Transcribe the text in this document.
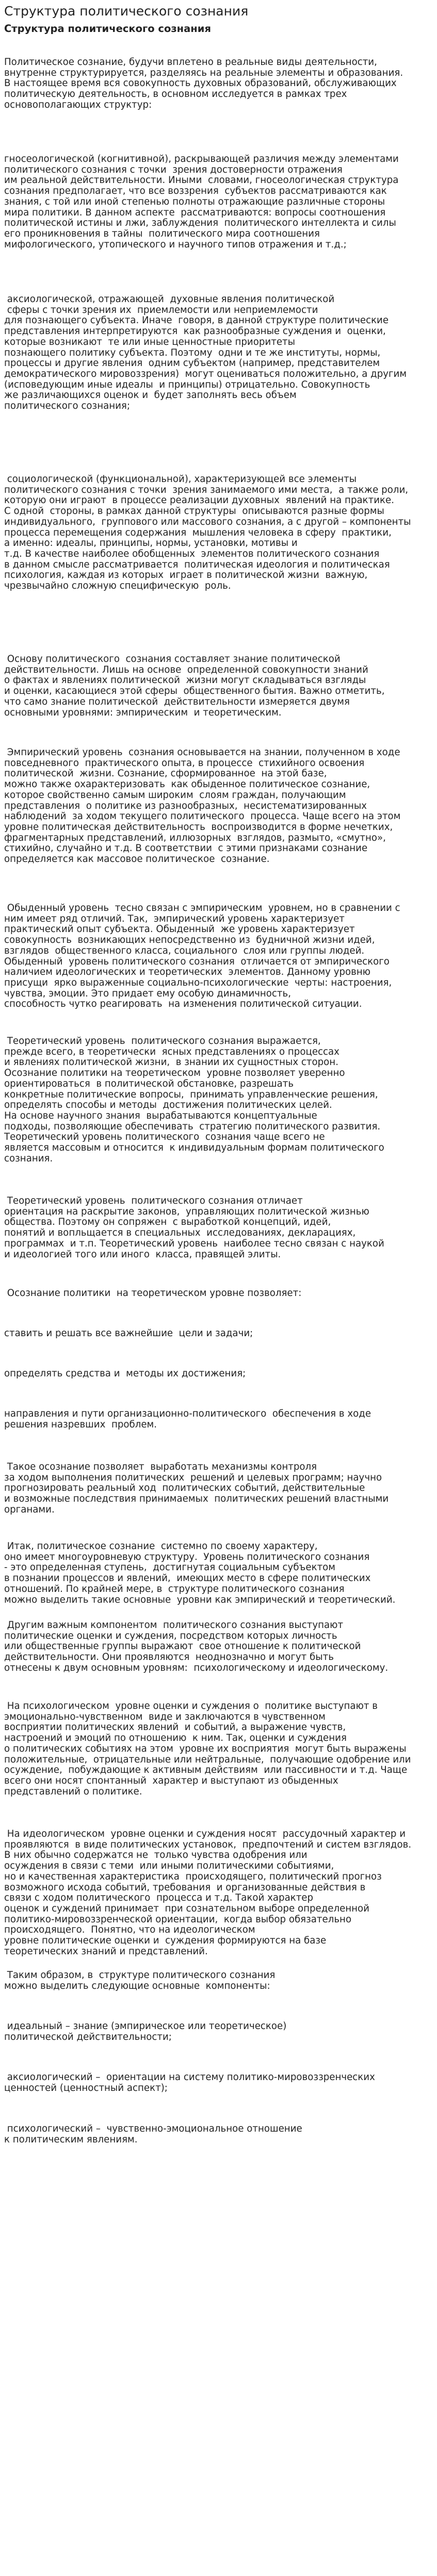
Структура политического сознания
Структура политического сознания

Политическое сознание, будучи вплетено в реальные виды деятельности,
внутренне структурируется, разделяясь на реальные элементы и образования.
В настоящее время вся совокупность духовных образований, обслуживающих
политическую деятельность, в основном исследуется в рамках трех
основополагающих структур:

гносеологической (когнитивной), раскрывающей различия между элементами
политического сознания с точки  зрения достоверности отражения
им реальной действительности. Иными  словами, гносеологическая структура
сознания предполагает, что все воззрения  субъектов рассматриваются как
знания, с той или иной степенью полноты отражающие различные стороны
мира политики. В данном аспекте  рассматриваются: вопросы соотношения
политической истины и лжи, заблуждения  политического интеллекта и силы
его проникновения в тайны  политического мира соотношения
мифологического, утопического и научного типов отражения и т.д.;

аксиологической, отражающей  духовные явления политической
сферы с точки зрения их  приемлемости или неприемлемости
для познающего субъекта. Иначе  говоря, в данной структуре политические
представления интерпретируются  как разнообразные суждения и  оценки,
которые возникают  те или иные ценностные приоритеты
познающего политику субъекта. Поэтому  одни и те же институты, нормы,
процессы и другие явления  одним субъектом (например, представителем
демократического мировоззрения)  могут оцениваться положительно, а другим
(исповедующим иные идеалы  и принципы) отрицательно. Совокупность
же различающихся оценок и  будет заполнять весь объем
политического сознания;

социологической (функциональной), характеризующей все элементы
политического сознания с точки  зрения занимаемого ими места,  а также роли,
которую они играют  в процессе реализации духовных  явлений на практике.
С одной  стороны, в рамках данной структуры  описываются разные формы
индивидуального,  группового или массового сознания, а с другой – компоненты
процесса перемещения содержания  мышления человека в сферу  практики,
а именно: идеалы, принципы, нормы, установки, мотивы и
т.д. В качестве наиболее обобщенных  элементов политического сознания
в данном смысле рассматривается  политическая идеология и политическая
психология, каждая из которых  играет в политической жизни  важную,
чрезвычайно сложную специфическую  роль.

Основу политического  сознания составляет знание политической
действительности. Лишь на основе  определенной совокупности знаний
о фактах и явлениях политической  жизни могут складываться взгляды
и оценки, касающиеся этой сферы  общественного бытия. Важно отметить,
что само знание политической  действительности измеряется двумя
основными уровнями: эмпирическим  и теоретическим.

Эмпирический уровень  сознания основывается на знании, полученном в ходе
повседневного  практического опыта, в процессе  стихийного освоения
политической  жизни. Сознание, сформированное  на этой базе,
можно также охарактеризовать  как обыденное политическое сознание,
которое свойственно самым широким  слоям граждан, получающим
представления  о политике из разнообразных,  несистематизированных
наблюдений  за ходом текущего политического  процесса. Чаще всего на этом
уровне политическая действительность  воспроизводится в форме нечетких,
фрагментарных представлений, иллюзорных  взглядов, размыто, «смутно»,
стихийно, случайно и т.д. В соответствии  с этими признаками сознание
определяется как массовое политическое  сознание.

Обыденный уровень  тесно связан с эмпирическим  уровнем, но в сравнении с
ним имеет ряд отличий. Так,  эмпирический уровень характеризует
практический опыт субъекта. Обыденный  же уровень характеризует
совокупность  возникающих непосредственно из  будничной жизни идей,
взглядов  общественного класса, социального  слоя или группы людей.
Обыденный  уровень политического сознания  отличается от эмпирического
наличием идеологических и теоретических  элементов. Данному уровню
присущи  ярко выраженные социально-психологические  черты: настроения,
чувства, эмоции. Это придает ему особую динамичность,
способность чутко реагировать  на изменения политической ситуации.

Теоретический уровень  политического сознания выражается,
прежде всего, в теоретически  ясных представлениях о процессах
и явлениях политической жизни,  в знании их сущностных сторон.
Осознание политики на теоретическом  уровне позволяет уверенно
ориентироваться  в политической обстановке, разрешать
конкретные политические вопросы,  принимать управленческие решения,
определять способы и методы  достижения политических целей.
На основе научного знания  вырабатываются концептуальные
подходы, позволяющие обеспечивать  стратегию политического развития.
Теоретический уровень политического  сознания чаще всего не
является массовым и относится  к индивидуальным формам политического
сознания.

Теоретический уровень  политического сознания отличает
ориентация на раскрытие законов,  управляющих политической жизнью
общества. Поэтому он сопряжен  с выработкой концепций, идей,
понятий и вопльщается в специальных  исследованиях, декларациях,
программах  и т.п. Теоретический уровень  наиболее тесно связан с наукой
и идеологией того или иного  класса, правящей элиты.

Осознание политики  на теоретическом уровне позволяет:

ставить и решать все важнейшие  цели и задачи;

определять средства и  методы их достижения;

направления и пути организационно-политического  обеспечения в ходе
решения назревших  проблем.

Такое осознание позволяет  выработать механизмы контроля
за ходом выполнения политических  решений и целевых программ; научно
прогнозировать реальный ход  политических событий, действительные
и возможные последствия принимаемых  политических решений властными
органами.

Итак, политическое сознание  системно по своему характеру,
оно имеет многоуровневую структуру.  Уровень политического сознания
- это определенная ступень,  достигнутая социальным субъектом
в познании процессов и явлений,  имеющих место в сфере политических
отношений. По крайней мере, в  структуре политического сознания
можно выделить такие основные  уровни как эмпирический и теоретический.

Другим важным компонентом  политического сознания выступают
политические оценки и суждения, посредством которых личность
или общественные группы выражают  свое отношение к политической
действительности. Они проявляются  неоднозначно и могут быть
отнесены к двум основным уровням:  психологическому и идеологическому.

На психологическом  уровне оценки и суждения о  политике выступают в
эмоционально-чувственном  виде и заключаются в чувственном
восприятии политических явлений  и событий, а выражение чувств,
настроений и эмоций по отношению  к ним. Так, оценки и суждения
о политических событиях на этом  уровне их восприятия  могут быть выражены
положительные,  отрицательные или нейтральные,  получающие одобрение или
осуждение,  побуждающие к активным действиям  или пассивности и т.д. Чаще
всего они носят спонтанный  характер и выступают из обыденных
представлений о политике.

На идеологическом  уровне оценки и суждения носят  рассудочный характер и
проявляются  в виде политических установок,  предпочтений и систем взглядов.
В них обычно содержатся не  только чувства одобрения или
осуждения в связи с теми  или иными политическими событиями,
но и качественная характеристика  происходящего, политический прогноз
возможного исхода событий, требования  и организованные действия в
связи с ходом политического  процесса и т.д. Такой характер
оценок и суждений принимает  при сознательном выборе определенной
политико-мировоззренческой ориентации,  когда выбор обязательно
происходящего.  Понятно, что на идеологическом
уровне политические оценки и  суждения формируются на базе
теоретических знаний и представлений.

Таким образом, в  структуре политического сознания
можно выделить следующие основные  компоненты:

идеальный – знание (эмпирическое или теоретическое)
политической действительности;

аксиологический –  ориентации на систему политико-мировоззренческих
ценностей (ценностный аспект);

психологический –  чувственно-эмоциональное отношение
к политическим явлениям.
